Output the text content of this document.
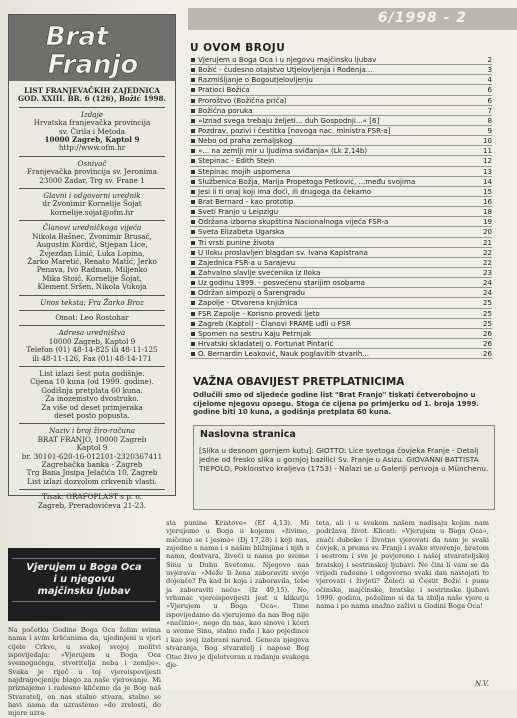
6/1998 - 2
Brat
Franjo
LIST FRANJEVAČKIH ZAJEDNICA
GOD. XXIII. BR. 6 (126), Božić 1998.
Izdaje
Hrvatska franjevačka provincija
sv. Ćirila i Metoda
10000 Zagreb, Kaptol 9
http://www.ofm.hr
Osnivač
Franjevačka provincija sv. Jeronima
23000 Zadar, Trg sv. Frane 1
Glavni i odgovorni urednik
dr Zvonimir Kornelije Šojat
kornelije.sojat@ofm.hr
Članovi uredničkoga vijeća
Nikola Bašnec, Zvonimir Brusač,
Augustin Kordić, Stjepan Lice,
Zvjezdan Linić, Luka Lopina,
Žarko Maretić, Renato Matić, Jerko
Penava, Ivo Radman, Miljenko
Mika Stoić, Kornelije Šojat,
Klement Sršen, Nikola Vukoja
Unos teksta: Fra Žarko Broz
Omot: Leo Rostohar
Adresa uredništva
10000 Zagreb, Kaptol 9
Telefon (01) 48-14-825 ili 48-11-125
ili 48-11-126, Fax (01) 48-14-171
List izlazi šest puta godišnje.
Cijena 10 kuna (od 1999. godine).
Godišnja pretplata 60 kuna.
Za inozemstvo dvostruko.
Za više od deset primjeraka
deset posto popusta.
Naziv i broj žiro-računa
BRAT FRANJO, 10000 Zagreb
Kaptol 9
br. 30101-620-16-012101-2320367411
Zagrebačka banka - Zagreb
Trg Bana Josipa Jelačića 10, Zagreb
List izlazi dozvolom crkvenih vlasti.
Tisak: GRAFOPLAST s p. o.
Zagreb, Preradovićeva 21-23.
U OVOM BROJU
Vjerujem u Boga Oca i u njegovu majčinsku ljubav	2
Božić - čudesno otajstvo Utjelovljenja i Rođenja...	3
Razmišljanje o Bogoutjelovljenju	4
Pratioci Božića	6
Proroštvo (Božićna priča)	6
Božićna poruka	7
»Iznad svega trebaju željeti... duh Gospodnji...« [6]	8
Pozdrav, pozivi i čestitka [novoga nac. ministra FSR-a]	9
Nebo od praha zemaljskog	10
»... na zemlji mir u ljudima sviđanja« (Lk 2,14b)	11
Stepinac - Edith Stein	12
Stepinac mojih uspomena	13
Službenica Božja, Marija Propetoga Petković, ...među svojima	14
Jesi li ti onaj koji ima doći, ili drugoga da čekamo	15
Brat Bernard - kao prototip	16
Sveti Franjo u Leipzigu	18
Održana izborna skupština Nacionalnoga vijeća FSR-a	19
Sveta Elizabeta Ugarska	20
Tri vrsti punine života	21
U Iloku proslavljen blagdan sv. Ivana Kapistrana	22
Zajednica FSR-a u Sarajevu	22
Zahvalno slavlje svećenika iz Iloka	23
Uz godinu 1999. - posvećenu starijim osobama	24
Održan simpozij o Šarengradu	24
Zapolje - Otvorena knjižnica	25
FSR Zapolje - Korisno provedi ljeto	25
Zagreb (Kaptol) - Članovi FRAME uđli u FSR	25
Spomen na sestru Kaju Petrnjak	26
Hrvatski skladatelj o. Fortunat Pintarić	26
O. Bernardin Leaković, Nauk poglavitih stvarih...	26
VAŽNA OBAVIJEST PRETPLATNICIMA
Odlučili smo od sljedeće godine list "Brat Franjo" tiskati četverobojno u cijelome njegovu opsegu. Stoga će cijena po primjerku od 1. broja 1999. godine biti 10 kuna, a godišnja pretplata 60 kuna.
Naslovna stranica
[Slika u desnom gornjem kutu]: GIOTTO: Lice svetoga čovjeka Franje - Detalj jedne od fresko slika u gornjoj bazilici Sv. Franje u Asizu. GIOVANNI BATTISTA TIEPOLO, Poklonstvo kraljeva (1753) - Nalazi se u Galeriji perivoja u Münchenu.
Vjerujem u Boga Oca
i u njegovu
majčinsku ljubav
Na početku Godine Boga Oca želim svima nama i svim kršćanima da, ujedinjeni u vjeri cijele Crkve, u svakoj svojoj molitvi ispovijedaju: »Vjerujem u Boga Oca svemogućega, stvoritelja neba i zemlje«. Svaka je riječ u toj vjeroispovijesti najdragocjenije blago za naše vjerovanje. Mi priznajemo i radosno kličemo da je Bog naš Stvaratelj, on nas stalno stvara, stalno se bavi nama da uzrastemo »do zrelosti, do mjere uzra-
sta punine Kristove« (Ef 4,13). Mi vjerujemo u Boga u kojemu »živimo, mičemo se i jesmo« (Dj 17,28) i koji nas, zajedno s nama i s našim bližnjima i njih s nama, dostvara, živeći u nama po svome Sinu u Duhu Svetomu. Njegovo nas uvjerava: »Može li žena zaboraviti svoje dojenče? Pa kad bi koja i zaboravila, tebe ja zaboraviti neću« (Iz 49,15). No, vrhunac vjeroispovijesti jest u klikutju »Vjerujem u Boga Oca«. Time ispovijedamo da vjerujemo da nas Bog nije »načinio«, nego da nas, kao sinove i kćeri u svome Sinu, stalno rađa i kao pojedince i kao svoj izabrani narod. Geneza njegova stvaranja, Bog stvaratelj i napose Bog Otac živo je djelotvoran u rađanju svakoga dje-
teta, ali i u svakom našem nadisaju kojim nam podržava život. Klicati: »Vjerujem u Boga Oca«, znači duboko i životno vjerovati da nam je svaki čovjek, a prema sv. Franji i svako stvorenje, bratom i sestrom i sve je povjereno i našoj stvarateljskoj bratskoj i sestrinskoj ljubavi. Ne čini li vam se da vrijedi radosno i odgovorno svaki dan nastojati to vjerovati i živjeti? Želeći si Čestit Božić i punu očinske, majčinske, bratske i sestrinske ljubavi 1999. godinu, poželimo si da ta zbilja naše vjere u nama i po nama snažno zaživi u Godini Boga Oca!
N.V.
